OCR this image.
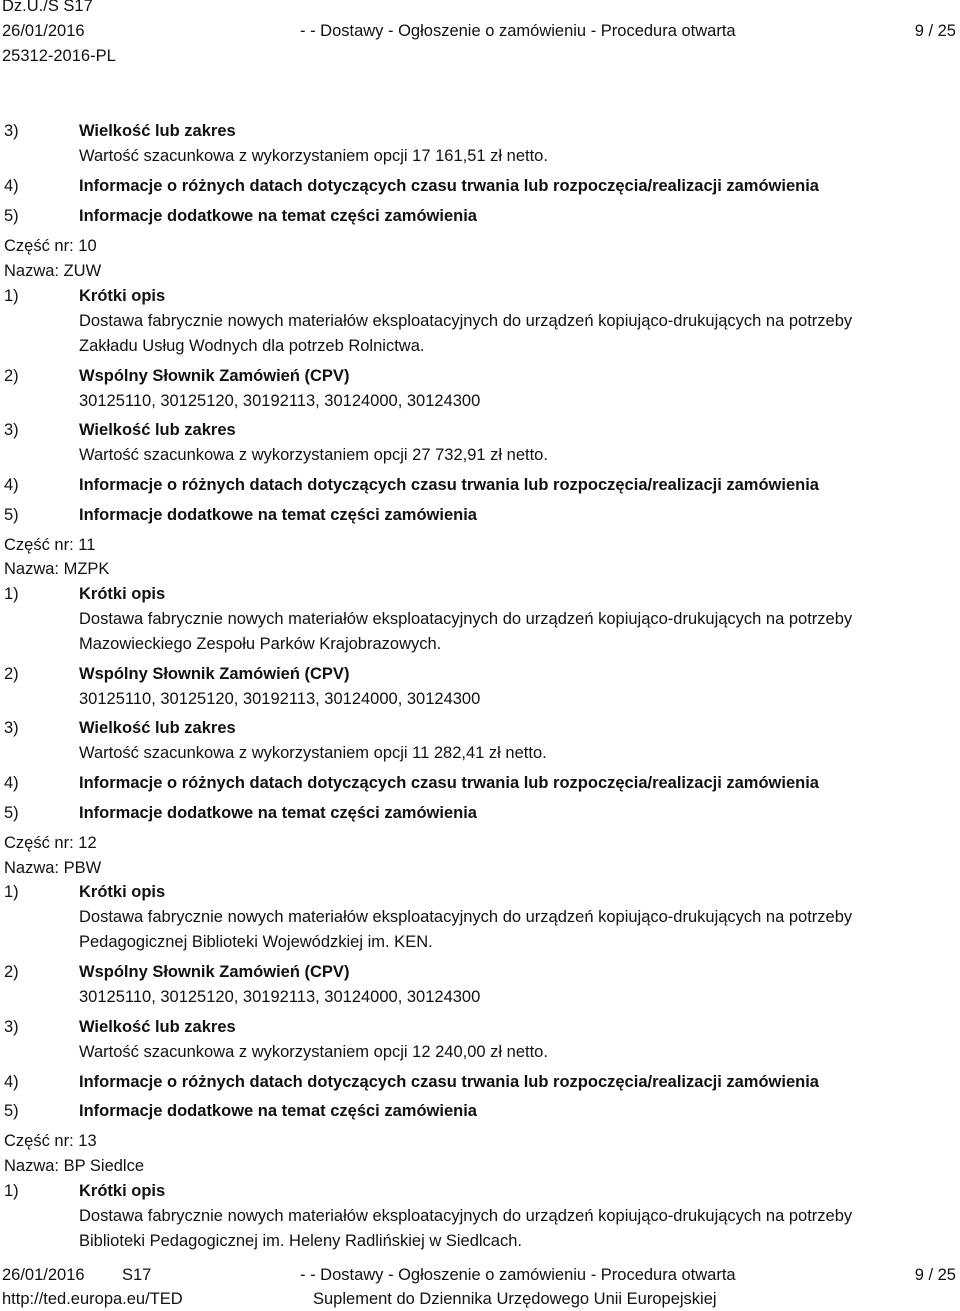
Dz.U./S S17
26/01/2016	- - Dostawy - Ogłoszenie o zamówieniu - Procedura otwarta	9 / 25
25312-2016-PL
3)	Wielkość lub zakres
Wartość szacunkowa z wykorzystaniem opcji 17 161,51 zł netto.
4)	Informacje o różnych datach dotyczących czasu trwania lub rozpoczęcia/realizacji zamówienia
5)	Informacje dodatkowe na temat części zamówienia
Część nr: 10
Nazwa: ZUW
1)	Krótki opis
Dostawa fabrycznie nowych materiałów eksploatacyjnych do urządzeń kopiująco-drukujących na potrzeby
Zakładu Usług Wodnych dla potrzeb Rolnictwa.
2)	Wspólny Słownik Zamówień (CPV)
30125110, 30125120, 30192113, 30124000, 30124300
3)	Wielkość lub zakres
Wartość szacunkowa z wykorzystaniem opcji 27 732,91 zł netto.
4)	Informacje o różnych datach dotyczących czasu trwania lub rozpoczęcia/realizacji zamówienia
5)	Informacje dodatkowe na temat części zamówienia
Część nr: 11
Nazwa: MZPK
1)	Krótki opis
Dostawa fabrycznie nowych materiałów eksploatacyjnych do urządzeń kopiująco-drukujących na potrzeby
Mazowieckiego Zespołu Parków Krajobrazowych.
2)	Wspólny Słownik Zamówień (CPV)
30125110, 30125120, 30192113, 30124000, 30124300
3)	Wielkość lub zakres
Wartość szacunkowa z wykorzystaniem opcji 11 282,41 zł netto.
4)	Informacje o różnych datach dotyczących czasu trwania lub rozpoczęcia/realizacji zamówienia
5)	Informacje dodatkowe na temat części zamówienia
Część nr: 12
Nazwa: PBW
1)	Krótki opis
Dostawa fabrycznie nowych materiałów eksploatacyjnych do urządzeń kopiująco-drukujących na potrzeby
Pedagogicznej Biblioteki Wojewódzkiej im. KEN.
2)	Wspólny Słownik Zamówień (CPV)
30125110, 30125120, 30192113, 30124000, 30124300
3)	Wielkość lub zakres
Wartość szacunkowa z wykorzystaniem opcji 12 240,00 zł netto.
4)	Informacje o różnych datach dotyczących czasu trwania lub rozpoczęcia/realizacji zamówienia
5)	Informacje dodatkowe na temat części zamówienia
Część nr: 13
Nazwa: BP Siedlce
1)	Krótki opis
Dostawa fabrycznie nowych materiałów eksploatacyjnych do urządzeń kopiująco-drukujących na potrzeby
Biblioteki Pedagogicznej im. Heleny Radlińskiej w Siedlcach.
26/01/2016 S17	- - Dostawy - Ogłoszenie o zamówieniu - Procedura otwarta	9 / 25
http://ted.europa.eu/TED	Suplement do Dziennika Urzędowego Unii Europejskiej
